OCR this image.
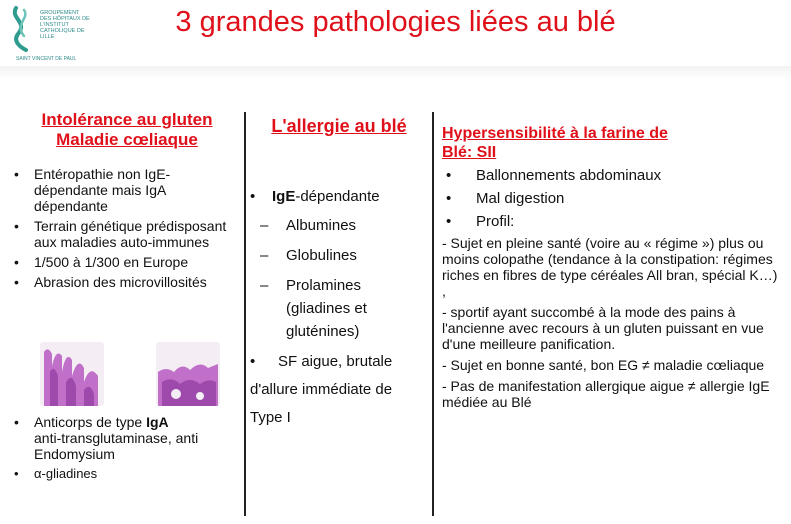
GROUPEMENT DES HÔPITAUX DE L'INSTITUT CATHOLIQUE DE LILLE
SAINT VINCENT DE PAUL
3 grandes pathologies liées au blé
Intolérance au gluten
Maladie cœliaque
• Entéropathie non IgE-dépendante mais IgA dépendante
• Terrain génétique prédisposant aux maladies auto-immunes
• 1/500 à 1/300 en Europe
• Abrasion des microvillosités
• Anticorps de type IgA
anti-transglutaminase, anti Endomysium
• α-gliadines
L'allergie au blé
• IgE-dépendante
– Albumines
– Globulines
– Prolamines (gliadines et gluténines)
•	SF aigue, brutale
d'allure immédiate de
Type I
Hypersensibilité à la farine de
Blé: SII
• Ballonnements abdominaux
• Mal digestion
• Profil:
- Sujet en pleine santé (voire au « régime ») plus ou moins colopathe (tendance à la constipation: régimes riches en fibres de type céréales All bran, spécial K…) ,
- sportif ayant succombé à la mode des pains à l'ancienne avec recours à un gluten puissant en vue d'une meilleure panification.
- Sujet en bonne santé, bon EG ≠ maladie cœliaque
- Pas de manifestation allergique aigue ≠ allergie IgE médiée au Blé
